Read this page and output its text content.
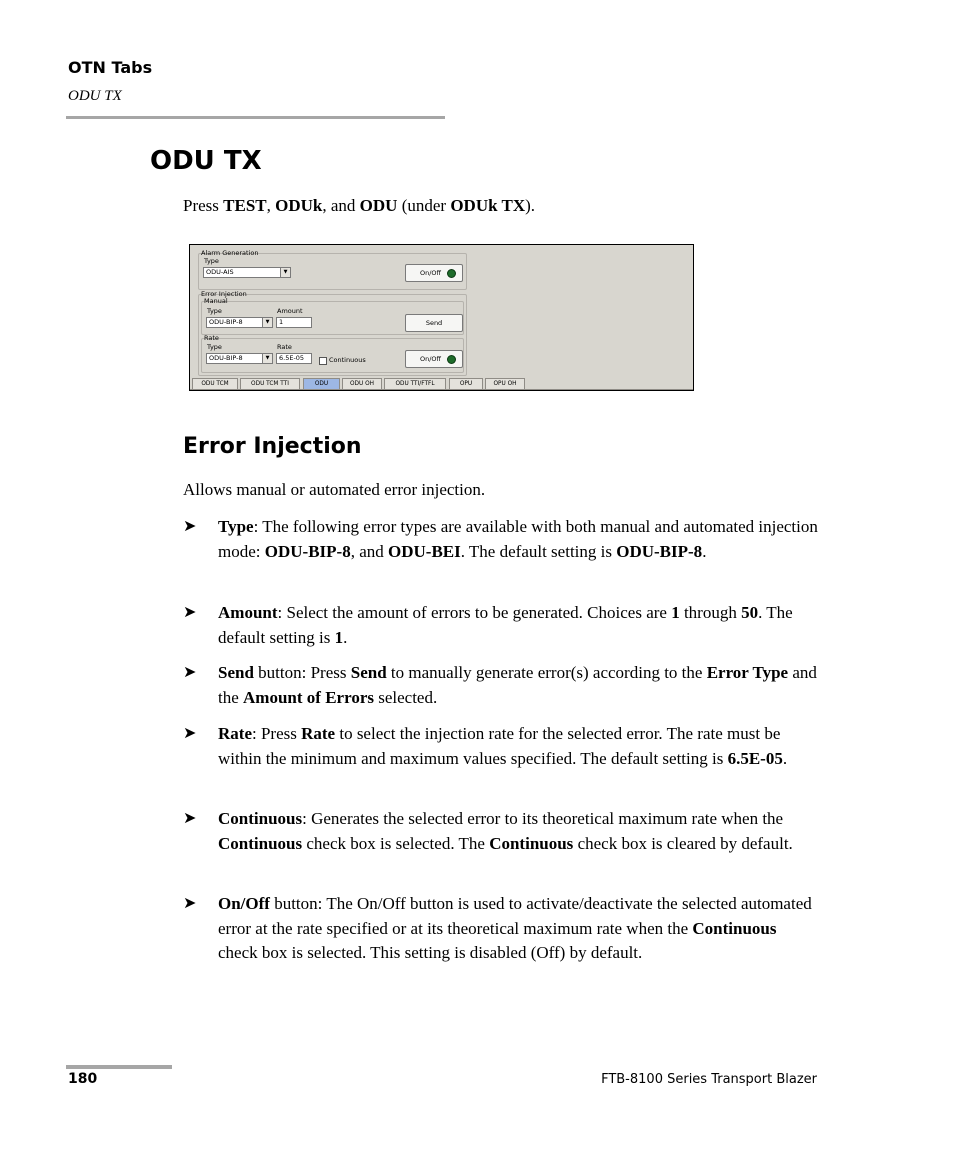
OTN Tabs
ODU TX
ODU TX
Press TEST, ODUk, and ODU (under ODUk TX).
Alarm Generation
Type
ODU-AIS	▼	On/Off
Error Injection
Manual
Type	Amount
ODU-BIP-8	▼	1	Send
Rate
Type	Rate
ODU-BIP-8	▼	6.5E-05	Continuous	On/Off
ODU TCM	ODU TCM TTI	ODU	ODU OH	ODU TTI/FTFL	OPU	OPU OH
Error Injection
Allows manual or automated error injection.
➤ Type: The following error types are available with both manual and automated injection mode: ODU-BIP-8, and ODU-BEI. The default setting is ODU-BIP-8.
➤ Amount: Select the amount of errors to be generated. Choices are 1 through 50. The default setting is 1.
➤ Send button: Press Send to manually generate error(s) according to the Error Type and the Amount of Errors selected.
➤ Rate: Press Rate to select the injection rate for the selected error. The rate must be within the minimum and maximum values specified. The default setting is 6.5E-05.
➤ Continuous: Generates the selected error to its theoretical maximum rate when the Continuous check box is selected. The Continuous check box is cleared by default.
➤ On/Off button: The On/Off button is used to activate/deactivate the selected automated error at the rate specified or at its theoretical maximum rate when the Continuous check box is selected. This setting is disabled (Off) by default.
180	FTB-8100 Series Transport Blazer
